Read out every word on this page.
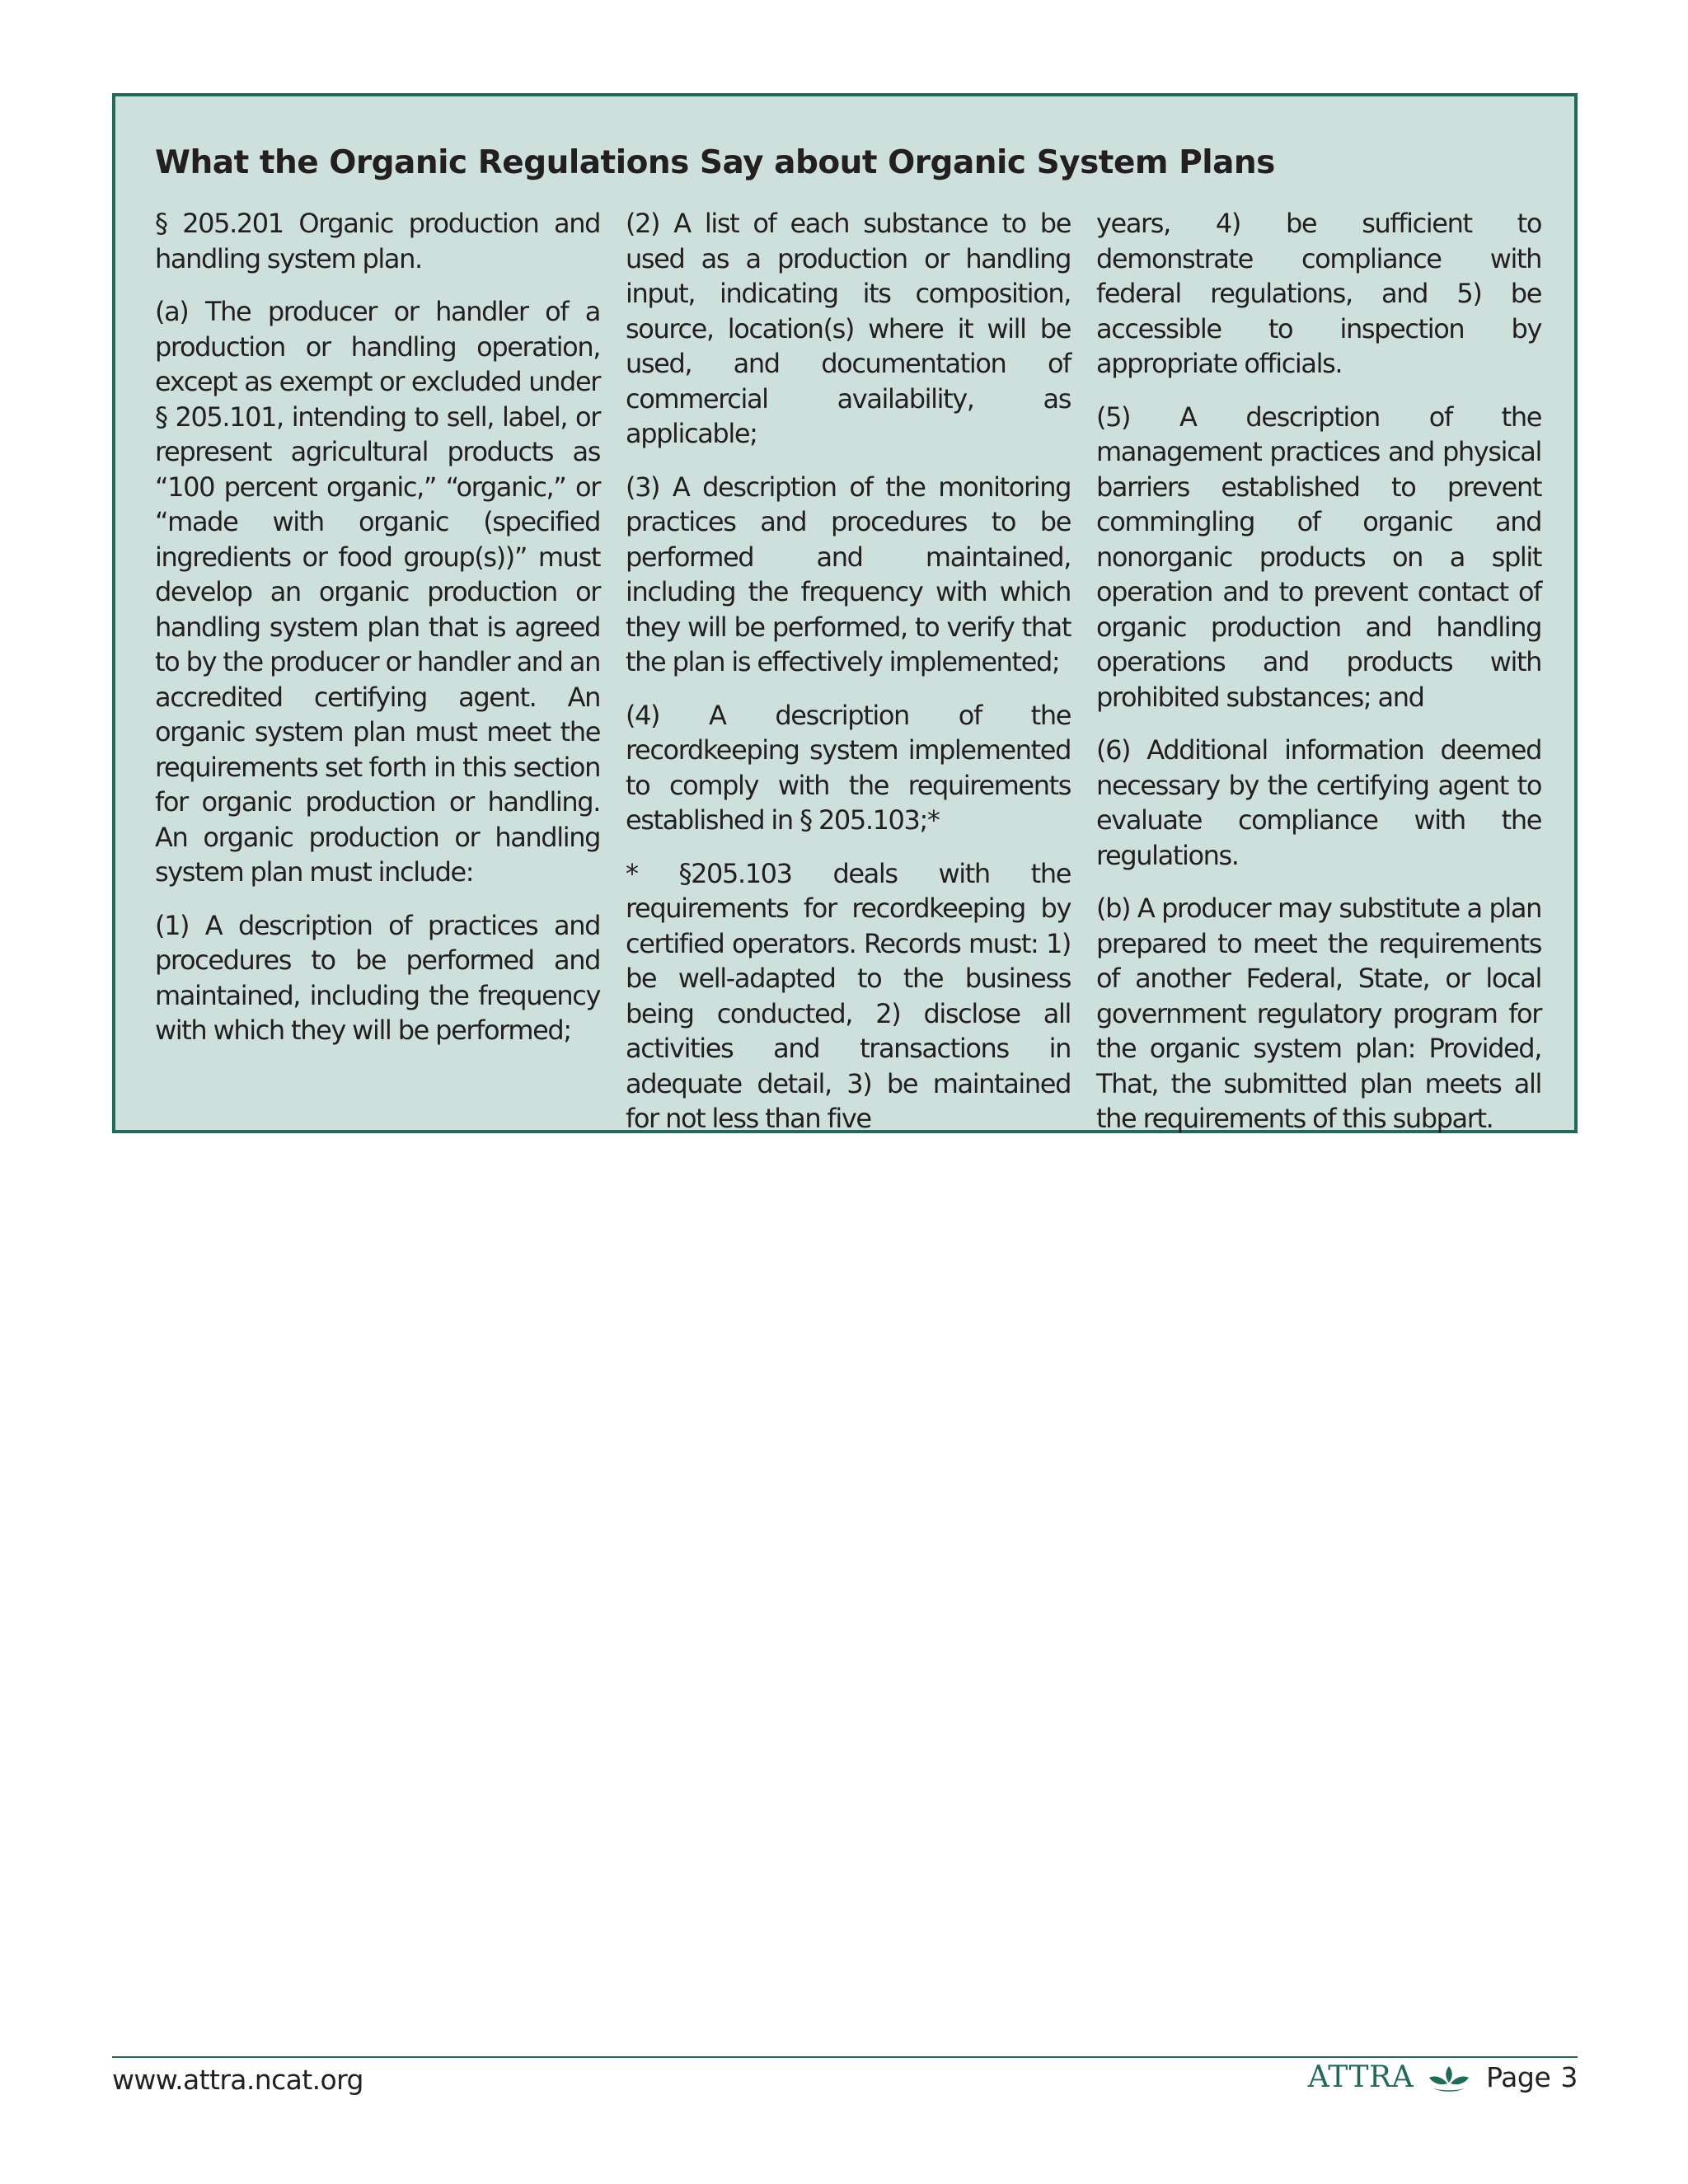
What the Organic Regulations Say about Organic System Plans

§ 205.201 Organic production and handling system plan.

(a) The producer or handler of a production or handling operation, except as exempt or excluded under § 205.101, intending to sell, label, or represent agricultural products as “100 percent organic,” “organic,” or “made with organic (specified ingredients or food group(s))” must develop an organic production or handling system plan that is agreed to by the producer or handler and an accredited certifying agent. An organic system plan must meet the requirements set forth in this section for organic production or handling. An organic production or handling system plan must include:

(1) A description of practices and procedures to be performed and maintained, including the frequency with which they will be performed;

(2) A list of each substance to be used as a production or handling input, indicating its composition, source, location(s) where it will be used, and documentation of commercial availability, as applicable;

(3) A description of the monitoring practices and procedures to be performed and maintained, including the frequency with which they will be performed, to verify that the plan is effectively implemented;

(4) A description of the recordkeeping system implemented to comply with the requirements established in § 205.103;*

* §205.103 deals with the requirements for recordkeeping by certified operators. Records must: 1) be well-adapted to the business being conducted, 2) disclose all activities and transactions in adequate detail, 3) be maintained for not less than five

years, 4) be sufficient to demonstrate compliance with federal regulations, and 5) be accessible to inspection by appropriate officials.

(5) A description of the management practices and physical barriers established to prevent commingling of organic and nonorganic products on a split operation and to prevent contact of organic production and handling operations and products with prohibited substances; and

(6) Additional information deemed necessary by the certifying agent to evaluate compliance with the regulations.

(b) A producer may substitute a plan prepared to meet the requirements of another Federal, State, or local government regulatory program for the organic system plan: Provided, That, the submitted plan meets all the requirements of this subpart.

www.attra.ncat.org	ATTRA	Page 3
